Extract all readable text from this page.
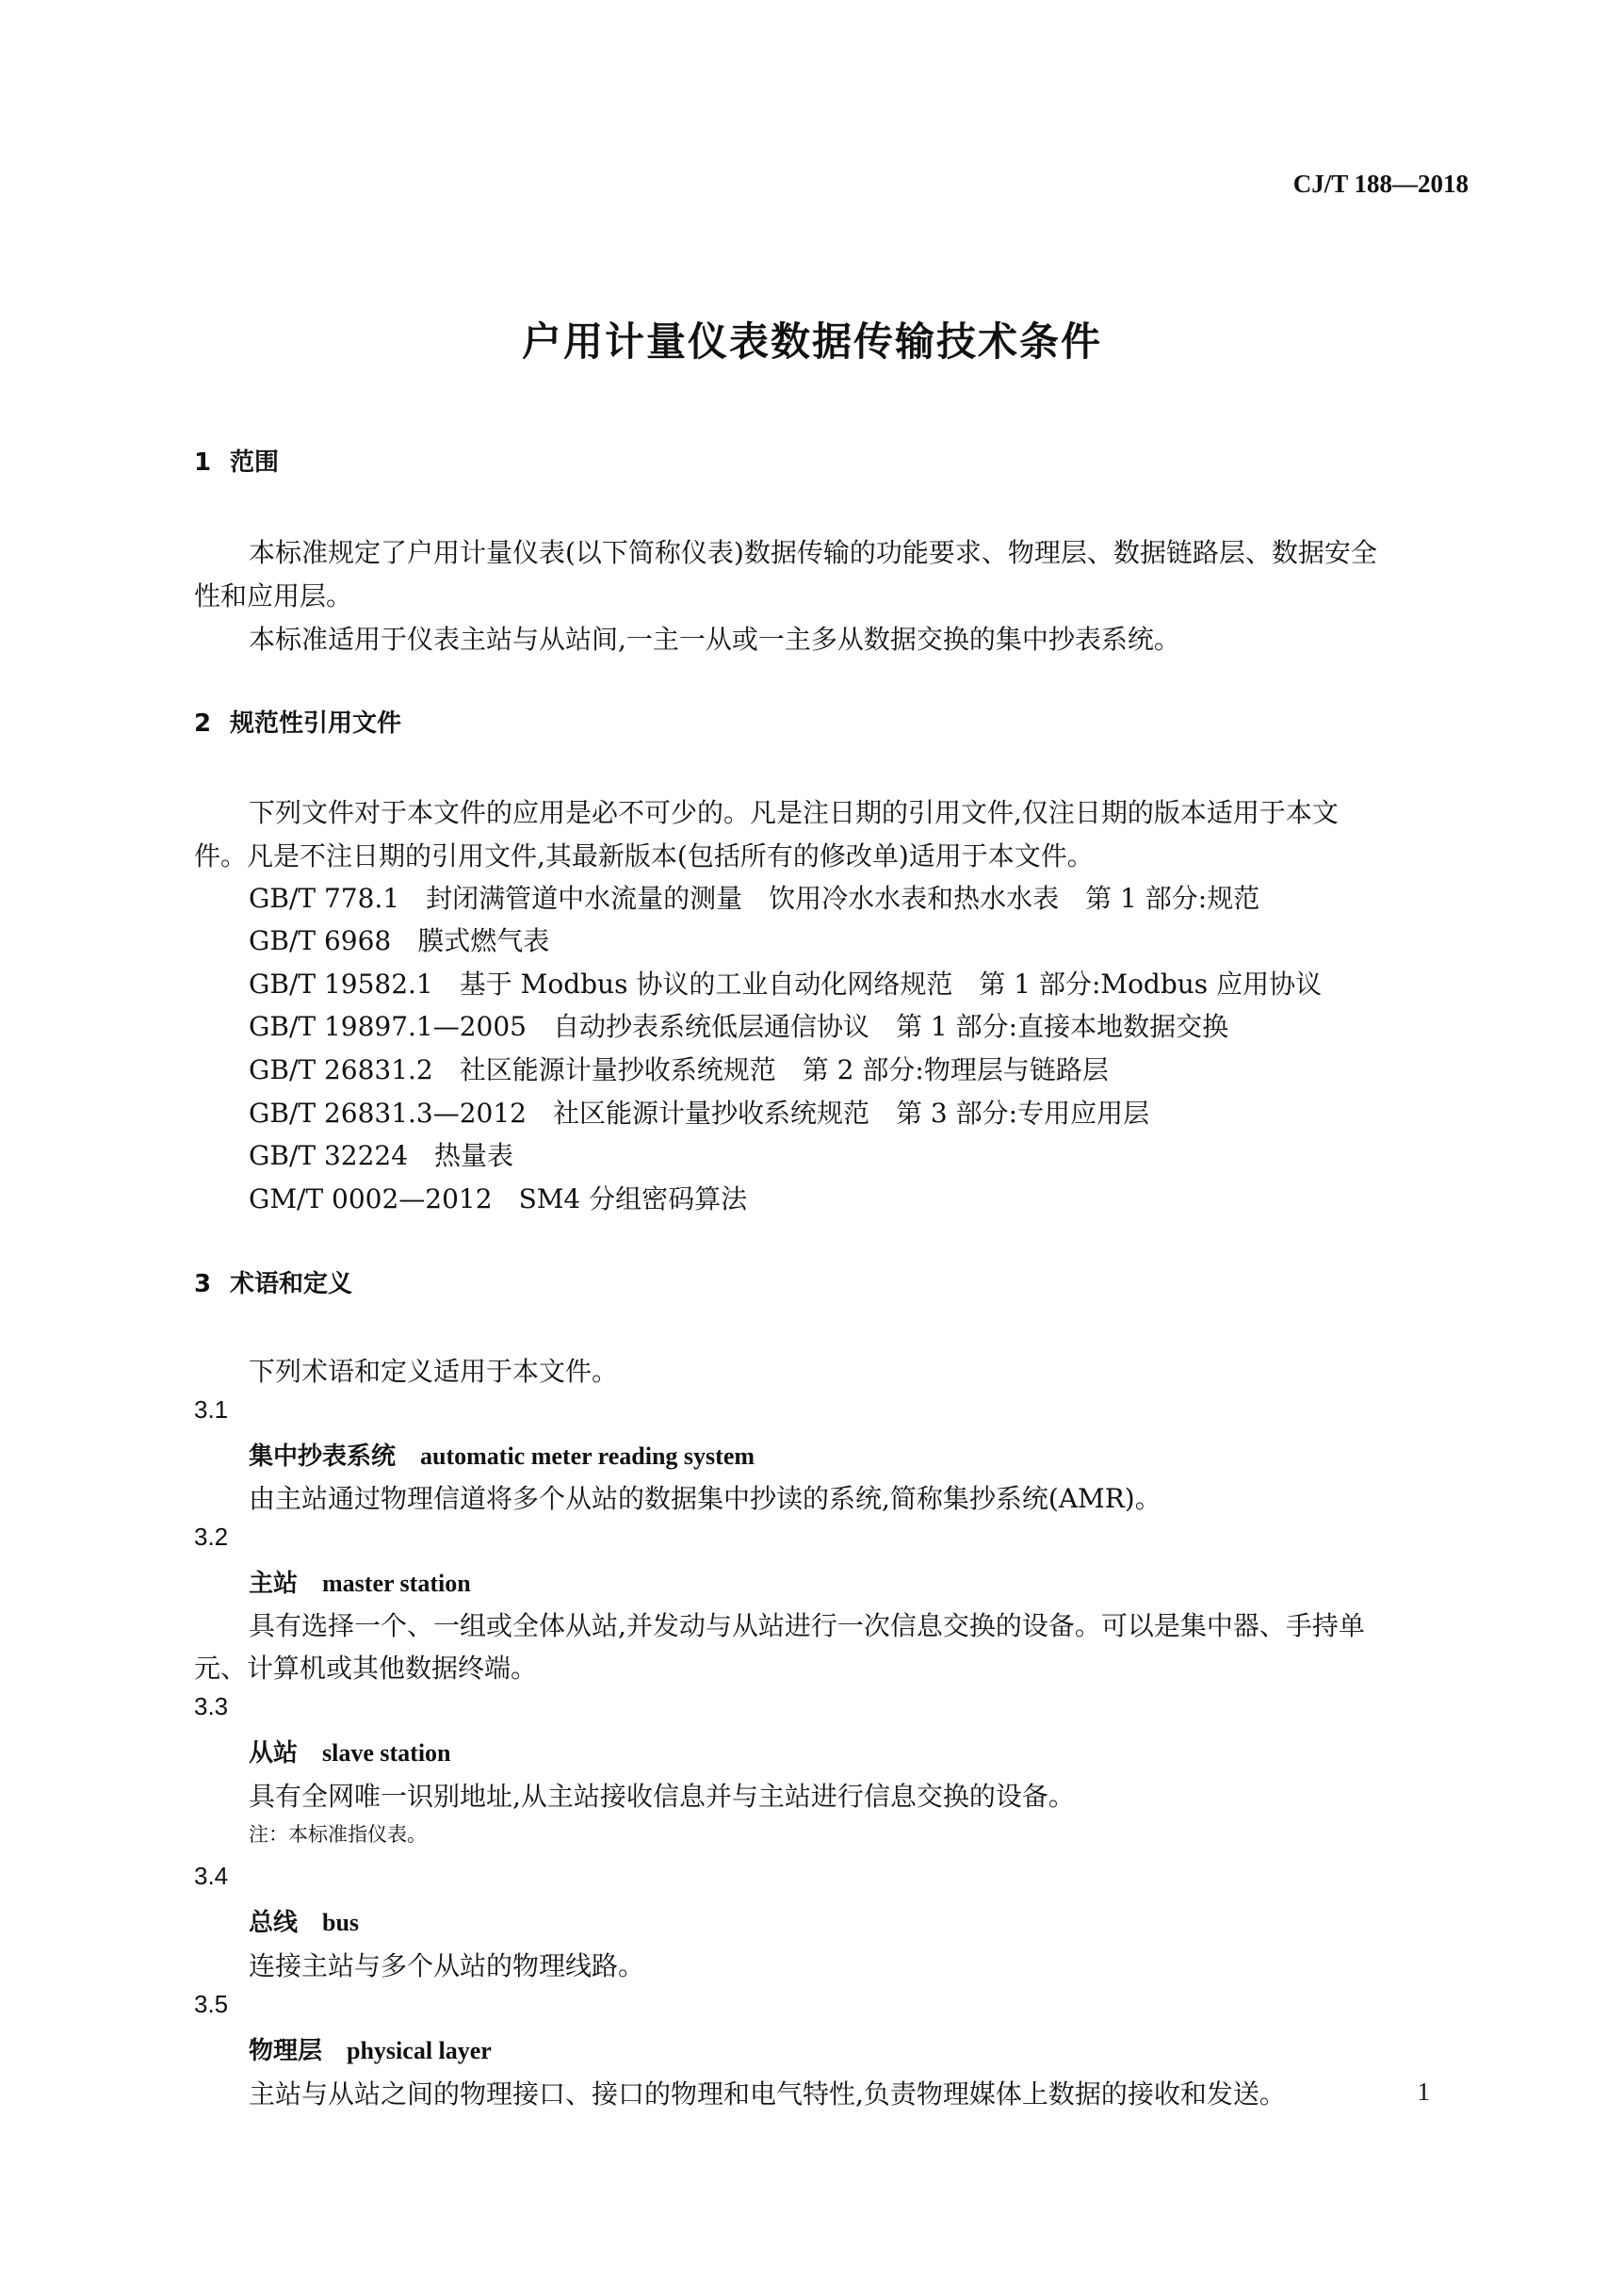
CJ/T 188—2018
户用计量仪表数据传输技术条件
1 范围
本标准规定了户用计量仪表(以下简称仪表)数据传输的功能要求、物理层、数据链路层、数据安全
性和应用层。
本标准适用于仪表主站与从站间,一主一从或一主多从数据交换的集中抄表系统。
2 规范性引用文件
下列文件对于本文件的应用是必不可少的。凡是注日期的引用文件,仅注日期的版本适用于本文
件。凡是不注日期的引用文件,其最新版本(包括所有的修改单)适用于本文件。
GB/T 778.1　 封闭满管道中水流量的测量　饮用冷水水表和热水水表　第 1 部分:规范
GB/T 6968　 膜式燃气表
GB/T 19582.1　 基于 Modbus 协议的工业自动化网络规范　第 1 部分:Modbus 应用协议
GB/T 19897.1—2005　 自动抄表系统低层通信协议　第 1 部分:直接本地数据交换
GB/T 26831.2　 社区能源计量抄收系统规范　第 2 部分:物理层与链路层
GB/T 26831.3—2012　 社区能源计量抄收系统规范　第 3 部分:专用应用层
GB/T 32224　 热量表
GM/T 0002—2012　 SM4 分组密码算法
3 术语和定义
下列术语和定义适用于本文件。
3.1
集中抄表系统 automatic meter reading system
由主站通过物理信道将多个从站的数据集中抄读的系统,简称集抄系统(AMR)。
3.2
主站 master station
具有选择一个、一组或全体从站,并发动与从站进行一次信息交换的设备。可以是集中器、手持单
元、计算机或其他数据终端。
3.3
从站 slave station
具有全网唯一识别地址,从主站接收信息并与主站进行信息交换的设备。
注：本标准指仪表。
3.4
总线 bus
连接主站与多个从站的物理线路。
3.5
物理层 physical layer
主站与从站之间的物理接口、接口的物理和电气特性,负责物理媒体上数据的接收和发送。	1
